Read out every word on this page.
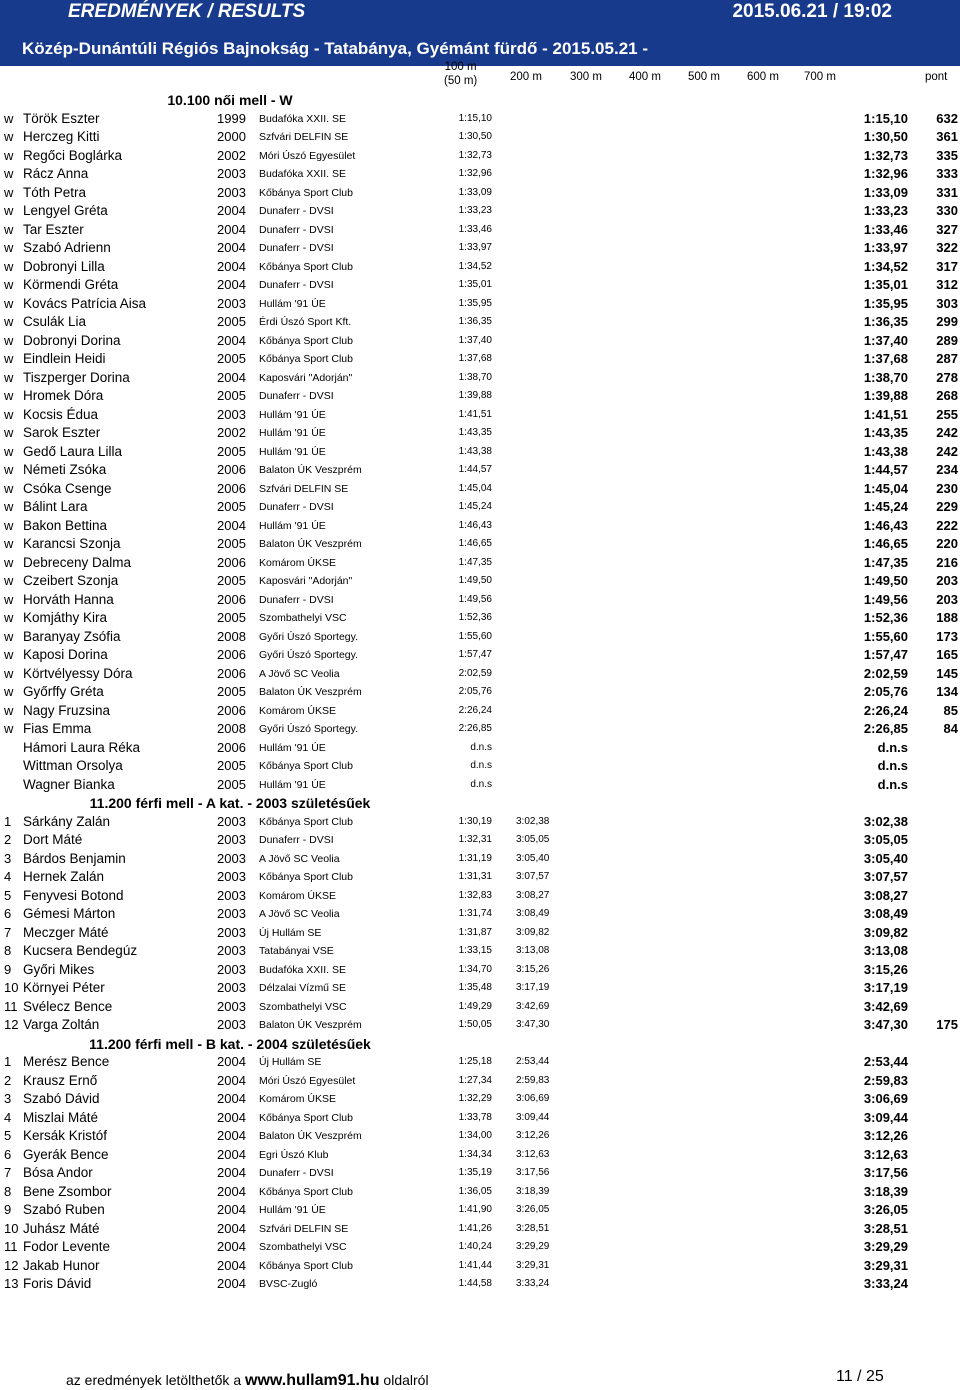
EREDMÉNYEK / RESULTS	2015.06.21 / 19:02
Közép-Dunántúli Régiós Bajnokság - Tatabánya, Gyémánt fürdő - 2015.05.21 -
100 m
(50 m)	200 m 300 m 400 m 500 m 600 m 700 m	pont
10.100 női mell - W
w Török Eszter	1999 Budafóka XXII. SE	1:15,10	1:15,10 632
w Herczeg Kitti	2000 Szfvári DELFIN SE	1:30,50	1:30,50 361
w Regőci Boglárka	2002 Móri Úszó Egyesület	1:32,73	1:32,73 335
w Rácz Anna	2003 Budafóka XXII. SE	1:32,96	1:32,96 333
w Tóth Petra	2003 Kőbánya Sport Club	1:33,09	1:33,09 331
w Lengyel Gréta	2004 Dunaferr - DVSI	1:33,23	1:33,23 330
w Tar Eszter	2004 Dunaferr - DVSI	1:33,46	1:33,46 327
w Szabó Adrienn	2004 Dunaferr - DVSI	1:33,97	1:33,97 322
w Dobronyi Lilla	2004 Kőbánya Sport Club	1:34,52	1:34,52 317
w Körmendi Gréta	2004 Dunaferr - DVSI	1:35,01	1:35,01 312
w Kovács Patrícia Aisa	2003 Hullám '91 ÚE	1:35,95	1:35,95 303
w Csulák Lia	2005 Érdi Úszó Sport Kft.	1:36,35	1:36,35 299
w Dobronyi Dorina	2004 Kőbánya Sport Club	1:37,40	1:37,40 289
w Eindlein Heidi	2005 Kőbánya Sport Club	1:37,68	1:37,68 287
w Tiszperger Dorina	2004 Kaposvári "Adorján"	1:38,70	1:38,70 278
w Hromek Dóra	2005 Dunaferr - DVSI	1:39,88	1:39,88 268
w Kocsis Édua	2003 Hullám '91 ÚE	1:41,51	1:41,51 255
w Sarok Eszter	2002 Hullám '91 ÚE	1:43,35	1:43,35 242
w Gedő Laura Lilla	2005 Hullám '91 ÚE	1:43,38	1:43,38 242
w Németi Zsóka	2006 Balaton ÚK Veszprém	1:44,57	1:44,57 234
w Csóka Csenge	2006 Szfvári DELFIN SE	1:45,04	1:45,04 230
w Bálint Lara	2005 Dunaferr - DVSI	1:45,24	1:45,24 229
w Bakon Bettina	2004 Hullám '91 ÚE	1:46,43	1:46,43 222
w Karancsi Szonja	2005 Balaton ÚK Veszprém	1:46,65	1:46,65 220
w Debreceny Dalma	2006 Komárom ÚKSE	1:47,35	1:47,35 216
w Czeibert Szonja	2005 Kaposvári "Adorján"	1:49,50	1:49,50 203
w Horváth Hanna	2006 Dunaferr - DVSI	1:49,56	1:49,56 203
w Komjáthy Kira	2005 Szombathelyi VSC	1:52,36	1:52,36 188
w Baranyay Zsófia	2008 Győri Úszó Sportegy.	1:55,60	1:55,60 173
w Kaposi Dorina	2006 Győri Úszó Sportegy.	1:57,47	1:57,47 165
w Körtvélyessy Dóra	2006 A Jövő SC Veolia	2:02,59	2:02,59 145
w Győrffy Gréta	2005 Balaton ÚK Veszprém	2:05,76	2:05,76 134
w Nagy Fruzsina	2006 Komárom ÚKSE	2:26,24	2:26,24	85
w Fias Emma	2008 Győri Úszó Sportegy.	2:26,85	2:26,85	84
Hámori Laura Réka	2006 Hullám '91 ÚE	d.n.s	d.n.s
Wittman Orsolya	2005 Kőbánya Sport Club	d.n.s	d.n.s
Wagner Bianka	2005 Hullám '91 ÚE	d.n.s	d.n.s
11.200 férfi mell - A kat. - 2003 születésűek
1 Sárkány Zalán	2003 Kőbánya Sport Club	1:30,19 3:02,38	3:02,38
2 Dort Máté	2003 Dunaferr - DVSI	1:32,31 3:05,05	3:05,05
3 Bárdos Benjamin	2003 A Jövő SC Veolia	1:31,19 3:05,40	3:05,40
4 Hernek Zalán	2003 Kőbánya Sport Club	1:31,31 3:07,57	3:07,57
5 Fenyvesi Botond	2003 Komárom ÚKSE	1:32,83 3:08,27	3:08,27
6 Gémesi Márton	2003 A Jövő SC Veolia	1:31,74 3:08,49	3:08,49
7 Meczger Máté	2003 Új Hullám SE	1:31,87 3:09,82	3:09,82
8 Kucsera Bendegúz	2003 Tatabányai VSE	1:33,15 3:13,08	3:13,08
9 Győri Mikes	2003 Budafóka XXII. SE	1:34,70 3:15,26	3:15,26
10 Környei Péter	2003 Délzalai Vízmű SE	1:35,48 3:17,19	3:17,19
11 Svélecz Bence	2003 Szombathelyi VSC	1:49,29 3:42,69	3:42,69
12 Varga Zoltán	2003 Balaton ÚK Veszprém	1:50,05 3:47,30	3:47,30 175
11.200 férfi mell - B kat. - 2004 születésűek
1 Merész Bence	2004 Új Hullám SE	1:25,18 2:53,44	2:53,44
2 Krausz Ernő	2004 Móri Úszó Egyesület	1:27,34 2:59,83	2:59,83
3 Szabó Dávid	2004 Komárom ÚKSE	1:32,29 3:06,69	3:06,69
4 Miszlai Máté	2004 Kőbánya Sport Club	1:33,78 3:09,44	3:09,44
5 Kersák Kristóf	2004 Balaton ÚK Veszprém	1:34,00 3:12,26	3:12,26
6 Gyerák Bence	2004 Egri Úszó Klub	1:34,34 3:12,63	3:12,63
7 Bósa Andor	2004 Dunaferr - DVSI	1:35,19 3:17,56	3:17,56
8 Bene Zsombor	2004 Kőbánya Sport Club	1:36,05 3:18,39	3:18,39
9 Szabó Ruben	2004 Hullám '91 ÚE	1:41,90 3:26,05	3:26,05
10 Juhász Máté	2004 Szfvári DELFIN SE	1:41,26 3:28,51	3:28,51
11 Fodor Levente	2004 Szombathelyi VSC	1:40,24 3:29,29	3:29,29
12 Jakab Hunor	2004 Kőbánya Sport Club	1:41,44 3:29,31	3:29,31
13 Foris Dávid	2004 BVSC-Zugló	1:44,58 3:33,24	3:33,24
az eredmények letölthetők a www.hullam91.hu oldalról	11 / 25
